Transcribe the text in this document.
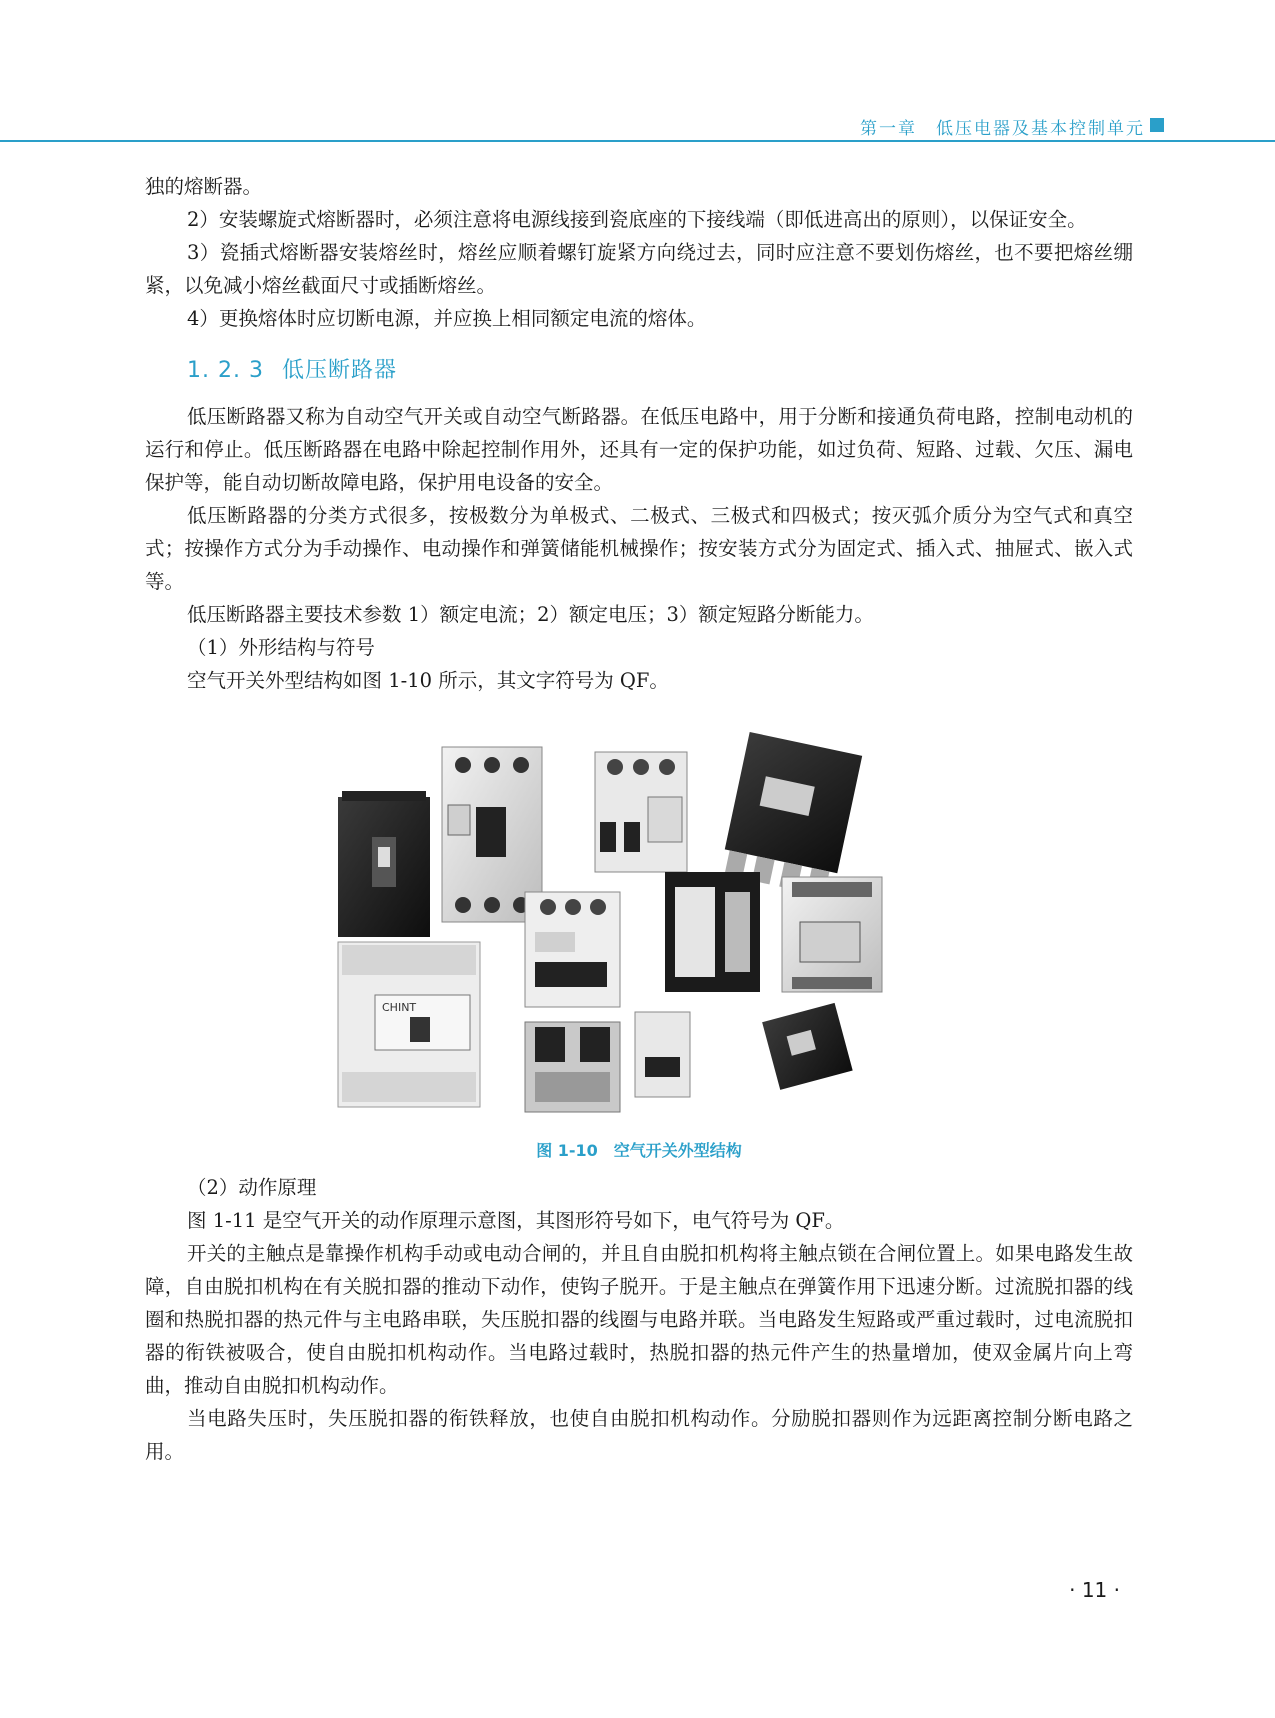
第一章　低压电器及基本控制单元

独的熔断器。

2）安装螺旋式熔断器时，必须注意将电源线接到瓷底座的下接线端（即低进高出的原则），以保证安全。

3）瓷插式熔断器安装熔丝时，熔丝应顺着螺钉旋紧方向绕过去，同时应注意不要划伤熔丝，也不要把熔丝绷紧，以免减小熔丝截面尺寸或插断熔丝。

4）更换熔体时应切断电源，并应换上相同额定电流的熔体。

1. 2. 3 低压断路器

低压断路器又称为自动空气开关或自动空气断路器。在低压电路中，用于分断和接通负荷电路，控制电动机的运行和停止。低压断路器在电路中除起控制作用外，还具有一定的保护功能，如过负荷、短路、过载、欠压、漏电保护等，能自动切断故障电路，保护用电设备的安全。

低压断路器的分类方式很多，按极数分为单极式、二极式、三极式和四极式；按灭弧介质分为空气式和真空式；按操作方式分为手动操作、电动操作和弹簧储能机械操作；按安装方式分为固定式、插入式、抽屉式、嵌入式等。

低压断路器主要技术参数 1）额定电流；2）额定电压；3）额定短路分断能力。

（1）外形结构与符号

空气开关外型结构如图 1-10 所示，其文字符号为 QF。

CHINT
图 1-10　空气开关外型结构

（2）动作原理

图 1-11 是空气开关的动作原理示意图，其图形符号如下，电气符号为 QF。

开关的主触点是靠操作机构手动或电动合闸的，并且自由脱扣机构将主触点锁在合闸位置上。如果电路发生故障，自由脱扣机构在有关脱扣器的推动下动作，使钩子脱开。于是主触点在弹簧作用下迅速分断。过流脱扣器的线圈和热脱扣器的热元件与主电路串联，失压脱扣器的线圈与电路并联。当电路发生短路或严重过载时，过电流脱扣器的衔铁被吸合，使自由脱扣机构动作。当电路过载时，热脱扣器的热元件产生的热量增加，使双金属片向上弯曲，推动自由脱扣机构动作。

当电路失压时，失压脱扣器的衔铁释放，也使自由脱扣机构动作。分励脱扣器则作为远距离控制分断电路之用。

· 11 ·
